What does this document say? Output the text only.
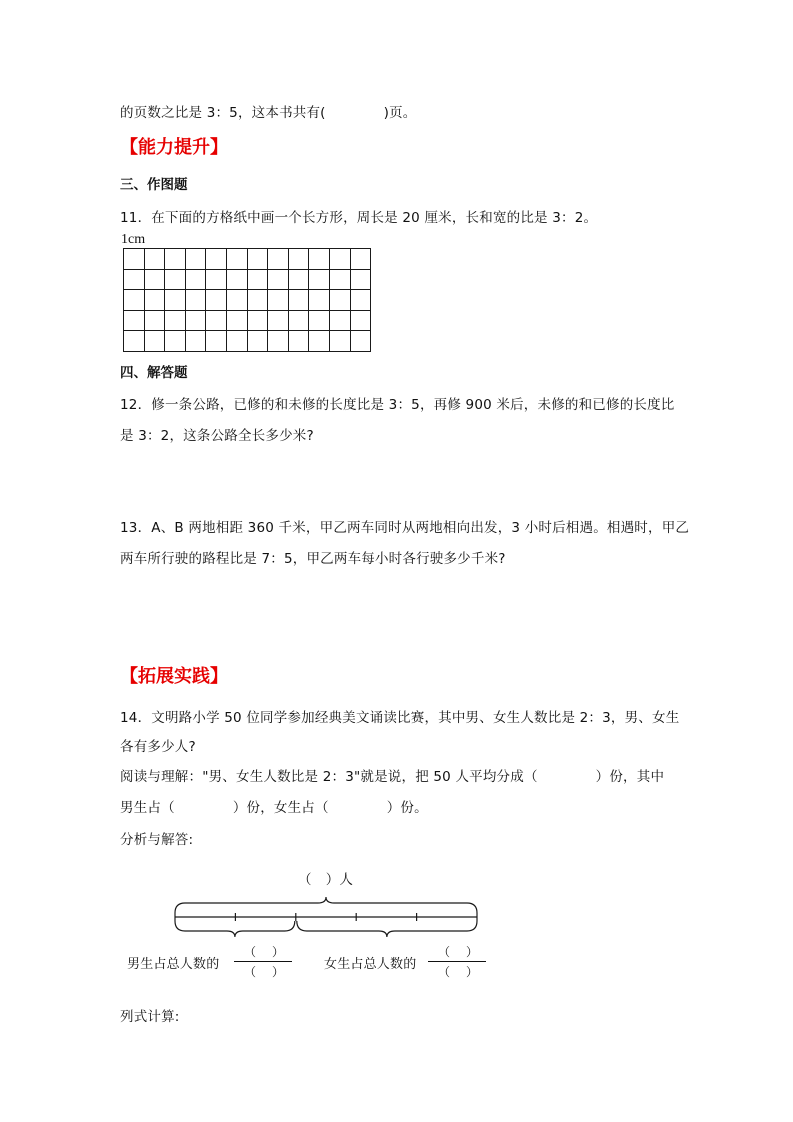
的页数之比是 3：5，这本书共有(	)页。
【能力提升】
三、作图题
11．在下面的方格纸中画一个长方形，周长是 20 厘米，长和宽的比是 3：2。
1cm

四、解答题
12．修一条公路，已修的和未修的长度比是 3：5，再修 900 米后，未修的和已修的长度比
是 3：2，这条公路全长多少米?
13．A、B 两地相距 360 千米，甲乙两车同时从两地相向出发，3 小时后相遇。相遇时，甲乙
两车所行驶的路程比是 7：5，甲乙两车每小时各行驶多少千米?
【拓展实践】
14．文明路小学 50 位同学参加经典美文诵读比赛，其中男、女生人数比是 2：3，男、女生
各有多少人?
阅读与理解："男、女生人数比是 2：3"就是说，把 50 人平均分成（	）份，其中
男生占（	）份，女生占（	）份。
分析与解答:
（ ）人
男生占总人数的
（ ）
（ ）	女生占总人数的
（ ）
（ ）
列式计算:
